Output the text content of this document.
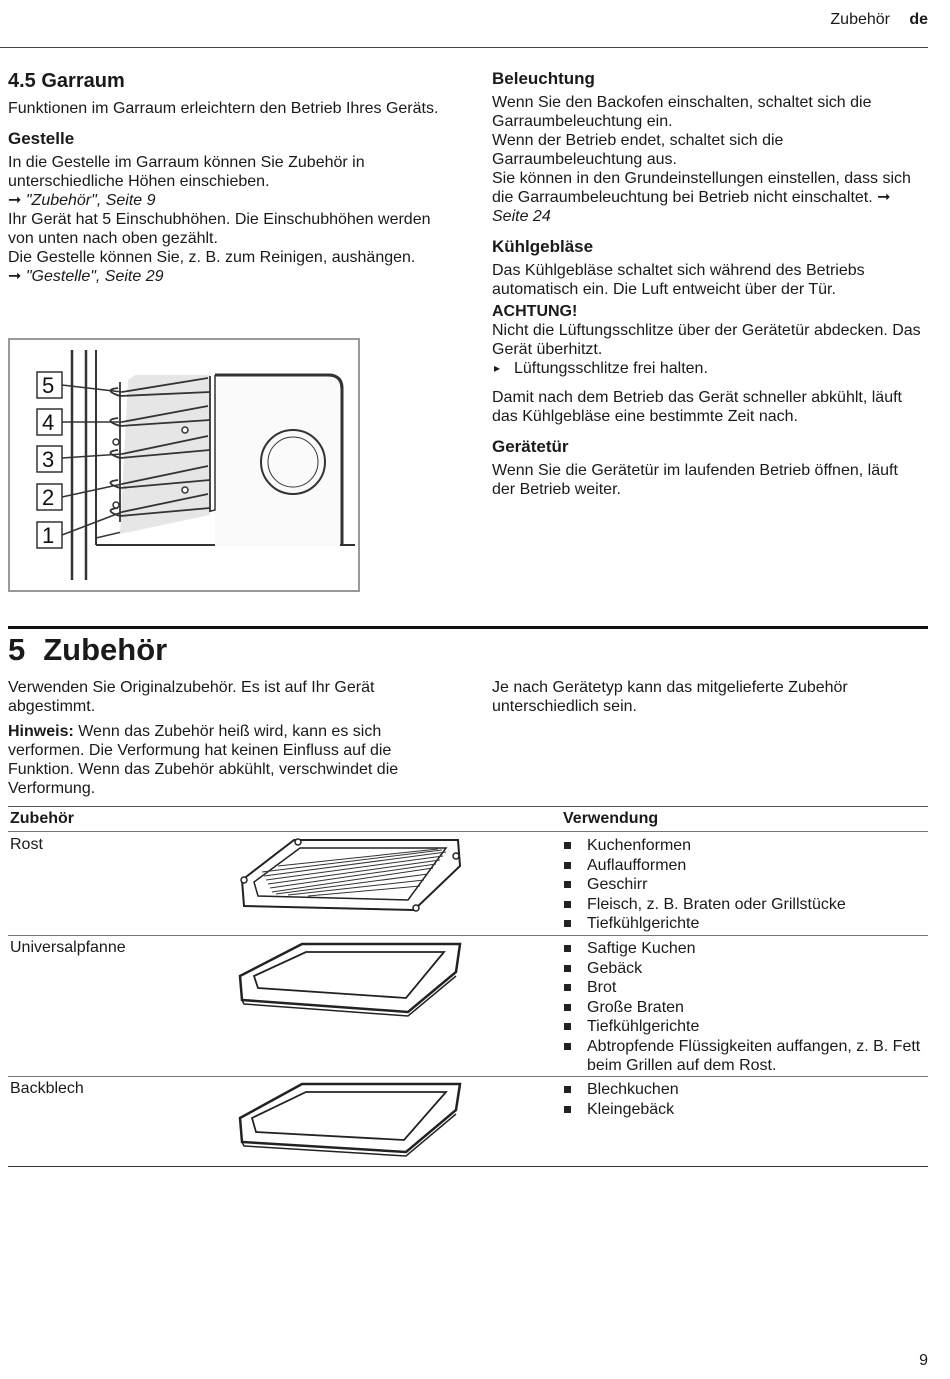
Zubehör de
4.5 Garraum

Funktionen im Garraum erleichtern den Betrieb Ihres Geräts.

Gestelle

In die Gestelle im Garraum können Sie Zubehör in unterschiedliche Höhen einschieben.

➞ "Zubehör", Seite 9

Ihr Gerät hat 5 Einschubhöhen. Die Einschubhöhen werden von unten nach oben gezählt.

Die Gestelle können Sie, z. B. zum Reinigen, aushängen.

➞ "Gestelle", Seite 29

5
4
3
2
1
Beleuchtung

Wenn Sie den Backofen einschalten, schaltet sich die Garraumbeleuchtung ein.

Wenn der Betrieb endet, schaltet sich die Garraumbeleuchtung aus.

Sie können in den Grundeinstellungen einstellen, dass sich die Garraumbeleuchtung bei Betrieb nicht einschaltet. ➞ Seite 24

Kühlgebläse

Das Kühlgebläse schaltet sich während des Betriebs automatisch ein. Die Luft entweicht über der Tür.

ACHTUNG!

Nicht die Lüftungsschlitze über der Gerätetür abdecken. Das Gerät überhitzt.

▸ Lüftungsschlitze frei halten.

Damit nach dem Betrieb das Gerät schneller abkühlt, läuft das Kühlgebläse eine bestimmte Zeit nach.

Gerätetür

Wenn Sie die Gerätetür im laufenden Betrieb öffnen, läuft der Betrieb weiter.

5 Zubehör

Verwenden Sie Originalzubehör. Es ist auf Ihr Gerät abgestimmt.

Hinweis: Wenn das Zubehör heiß wird, kann es sich verformen. Die Verformung hat keinen Einfluss auf die Funktion. Wenn das Zubehör abkühlt, verschwindet die Verformung.

Je nach Gerätetyp kann das mitgelieferte Zubehör unterschiedlich sein.
Zubehör	Verwendung
Rost	Kuchenformen
Auflaufformen
Geschirr
Fleisch, z. B. Braten oder Grillstücke
Tiefkühlgerichte
Universalpfanne	Saftige Kuchen
Gebäck
Brot
Große Braten
Tiefkühlgerichte
Abtropfende Flüssigkeiten auffangen, z. B. Fett beim Grillen auf dem Rost.
Backblech	Blechkuchen
Kleingebäck
9
